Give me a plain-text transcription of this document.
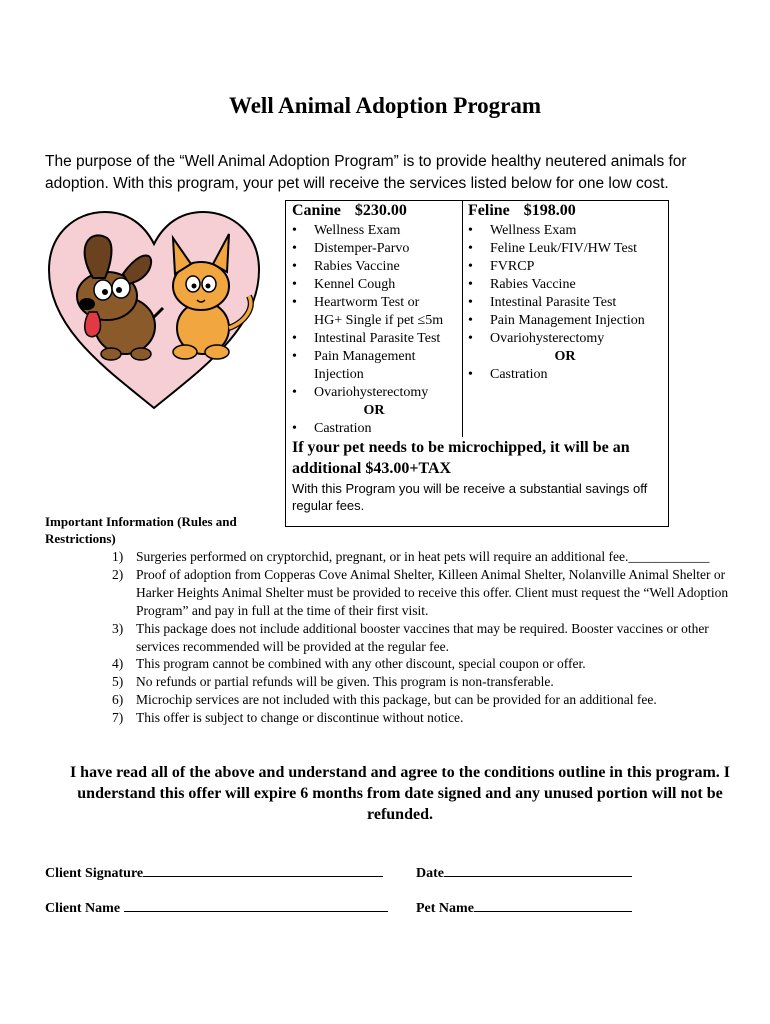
Well Animal Adoption Program
The purpose of the “Well Animal Adoption Program” is to provide healthy neutered animals for adoption. With this program, your pet will receive the services listed below for one low cost.
Canine $230.00
• Wellness Exam
• Distemper-Parvo
• Rabies Vaccine
• Kennel Cough
• Heartworm Test or
HG+ Single if pet ≤5m
• Intestinal Parasite Test
• Pain Management
Injection
• Ovariohysterectomy
OR
• Castration
Feline $198.00
• Wellness Exam
• Feline Leuk/FIV/HW Test
• FVRCP
• Rabies Vaccine
• Intestinal Parasite Test
• Pain Management Injection
• Ovariohysterectomy
OR
• Castration
If your pet needs to be microchipped, it will be an additional $43.00+TAX
With this Program you will be receive a substantial savings off regular fees.
Important Information (Rules and Restrictions)
1) Surgeries performed on cryptorchid, pregnant, or in heat pets will require an additional fee.____________
2) Proof of adoption from Copperas Cove Animal Shelter, Killeen Animal Shelter, Nolanville Animal Shelter or Harker Heights Animal Shelter must be provided to receive this offer. Client must request the “Well Adoption Program” and pay in full at the time of their first visit.
3) This package does not include additional booster vaccines that may be required. Booster vaccines or other services recommended will be provided at the regular fee.
4) This program cannot be combined with any other discount, special coupon or offer.
5) No refunds or partial refunds will be given. This program is non-transferable.
6) Microchip services are not included with this package, but can be provided for an additional fee.
7) This offer is subject to change or discontinue without notice.
I have read all of the above and understand and agree to the conditions outline in this program. I understand this offer will expire 6 months from date signed and any unused portion will not be refunded.
Client Signature	Date
Client Name	Pet Name
